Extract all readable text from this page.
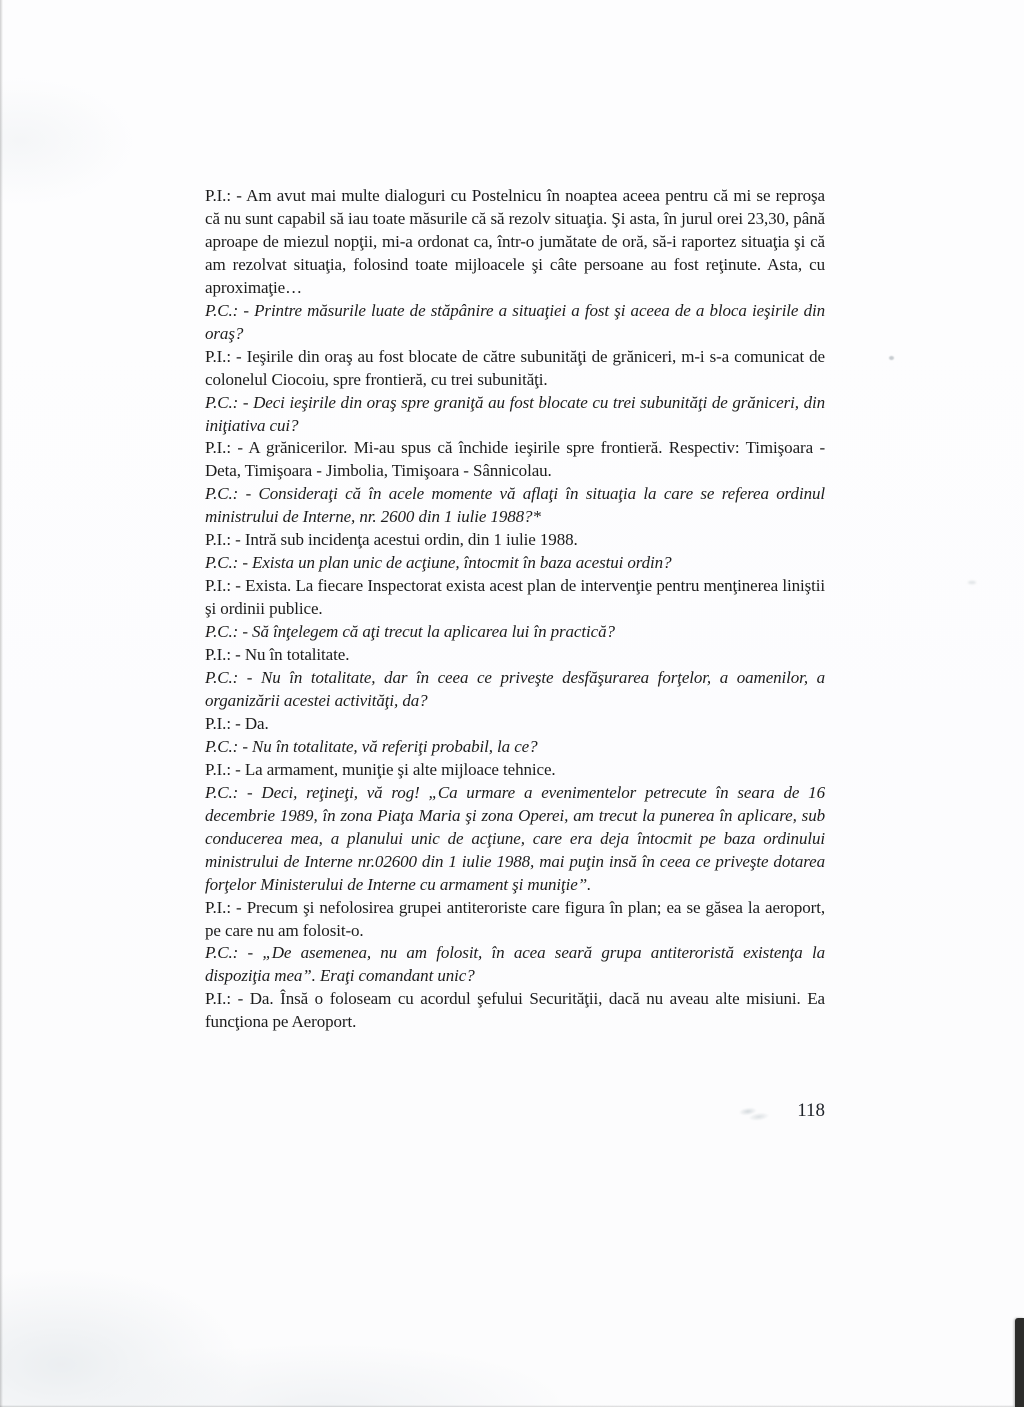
P.I.: - Am avut mai multe dialoguri cu Postelnicu în noaptea aceea pentru că mi se reproşa că nu sunt capabil să iau toate măsurile că să rezolv situaţia. Şi asta, în jurul orei 23,30, până aproape de miezul nopţii, mi-a ordonat ca, într-o jumătate de oră, să-i raportez situaţia şi că am rezolvat situaţia, folosind toate mijloacele şi câte persoane au fost reţinute. Asta, cu aproximaţie…

P.C.: - Printre măsurile luate de stăpânire a situaţiei a fost şi aceea de a bloca ieşirile din oraş?

P.I.: - Ieşirile din oraş au fost blocate de către subunităţi de grăniceri, m-i s-a comunicat de colonelul Ciocoiu, spre frontieră, cu trei subunităţi.

P.C.: - Deci ieşirile din oraş spre graniţă au fost blocate cu trei subunităţi de grăniceri, din iniţiativa cui?

P.I.: - A grănicerilor. Mi-au spus că închide ieşirile spre frontieră. Respectiv: Timişoara - Deta, Timişoara - Jimbolia, Timişoara - Sânnicolau.

P.C.: - Consideraţi că în acele momente vă aflaţi în situaţia la care se referea ordinul ministrului de Interne, nr. 2600 din 1 iulie 1988?*

P.I.: - Intră sub incidenţa acestui ordin, din 1 iulie 1988.

P.C.: - Exista un plan unic de acţiune, întocmit în baza acestui ordin?

P.I.: - Exista. La fiecare Inspectorat exista acest plan de intervenţie pentru menţinerea liniştii şi ordinii publice.

P.C.: - Să înţelegem că aţi trecut la aplicarea lui în practică?

P.I.: - Nu în totalitate.

P.C.: - Nu în totalitate, dar în ceea ce priveşte desfăşurarea forţelor, a oamenilor, a organizării acestei activităţi, da?

P.I.: - Da.

P.C.: - Nu în totalitate, vă referiţi probabil, la ce?

P.I.: - La armament, muniţie şi alte mijloace tehnice.

P.C.: - Deci, reţineţi, vă rog! „Ca urmare a evenimentelor petrecute în seara de 16 decembrie 1989, în zona Piaţa Maria şi zona Operei, am trecut la punerea în aplicare, sub conducerea mea, a planului unic de acţiune, care era deja întocmit pe baza ordinului ministrului de Interne nr.02600 din 1 iulie 1988, mai puţin insă în ceea ce priveşte dotarea forţelor Ministerului de Interne cu armament şi muniţie”.

P.I.: - Precum şi nefolosirea grupei antiteroriste care figura în plan; ea se găsea la aeroport, pe care nu am folosit-o.

P.C.: - „De asemenea, nu am folosit, în acea seară grupa antiteroristă existenţa la dispoziţia mea”. Eraţi comandant unic?

P.I.: - Da. Însă o foloseam cu acordul şefului Securităţii, dacă nu aveau alte misiuni. Ea funcţiona pe Aeroport.

118
